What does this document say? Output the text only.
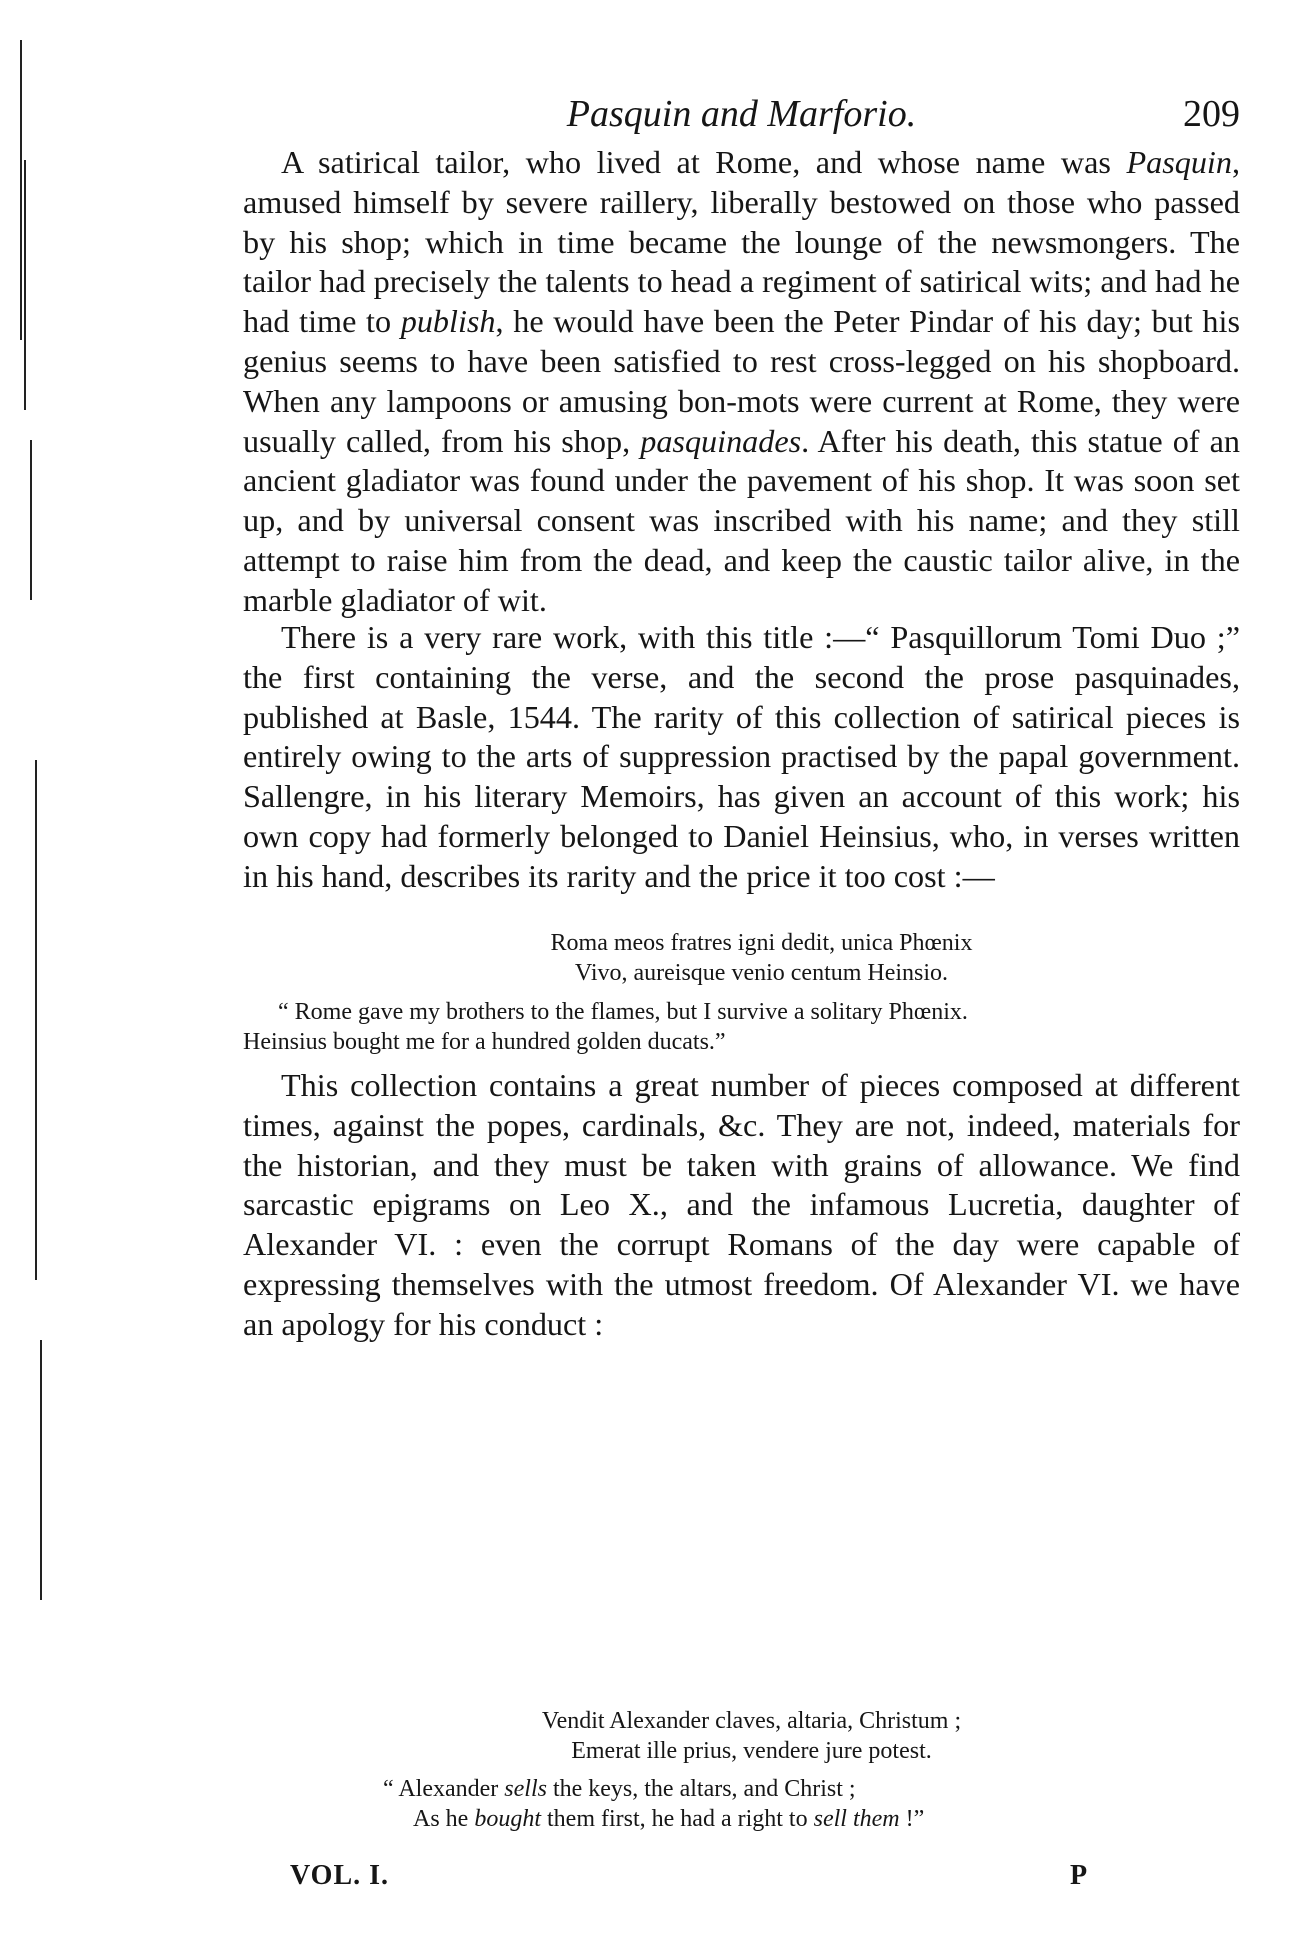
Pasquin and Marforio.	209

A satirical tailor, who lived at Rome, and whose name was Pasquin, amused himself by severe raillery, liberally bestowed on those who passed by his shop; which in time became the lounge of the newsmongers. The tailor had precisely the talents to head a regiment of satirical wits; and had he had time to publish, he would have been the Peter Pindar of his day; but his genius seems to have been satisfied to rest cross-legged on his shopboard. When any lampoons or amusing bon-mots were current at Rome, they were usually called, from his shop, pasquinades. After his death, this statue of an ancient gladiator was found under the pavement of his shop. It was soon set up, and by universal consent was inscribed with his name; and they still attempt to raise him from the dead, and keep the caustic tailor alive, in the marble gladiator of wit.

There is a very rare work, with this title :—“ Pasquillorum Tomi Duo ;” the first containing the verse, and the second the prose pasquinades, published at Basle, 1544. The rarity of this collection of satirical pieces is entirely owing to the arts of suppression practised by the papal government. Sallengre, in his literary Memoirs, has given an account of this work; his own copy had formerly belonged to Daniel Heinsius, who, in verses written in his hand, describes its rarity and the price it too cost :—

Roma meos fratres igni dedit, unica Phœnix
Vivo, aureisque venio centum Heinsio.
“ Rome gave my brothers to the flames, but I survive a solitary Phœnix.
Heinsius bought me for a hundred golden ducats.”

This collection contains a great number of pieces composed at different times, against the popes, cardinals, &c. They are not, indeed, materials for the historian, and they must be taken with grains of allowance. We find sarcastic epigrams on Leo X., and the infamous Lucretia, daughter of Alexander VI. : even the corrupt Romans of the day were capable of expressing themselves with the utmost freedom. Of Alexander VI. we have an apology for his conduct :

Vendit Alexander claves, altaria, Christum ;
Emerat ille prius, vendere jure potest.
“ Alexander sells the keys, the altars, and Christ ;
As he bought them first, he had a right to sell them !”
VOL. I.	P
